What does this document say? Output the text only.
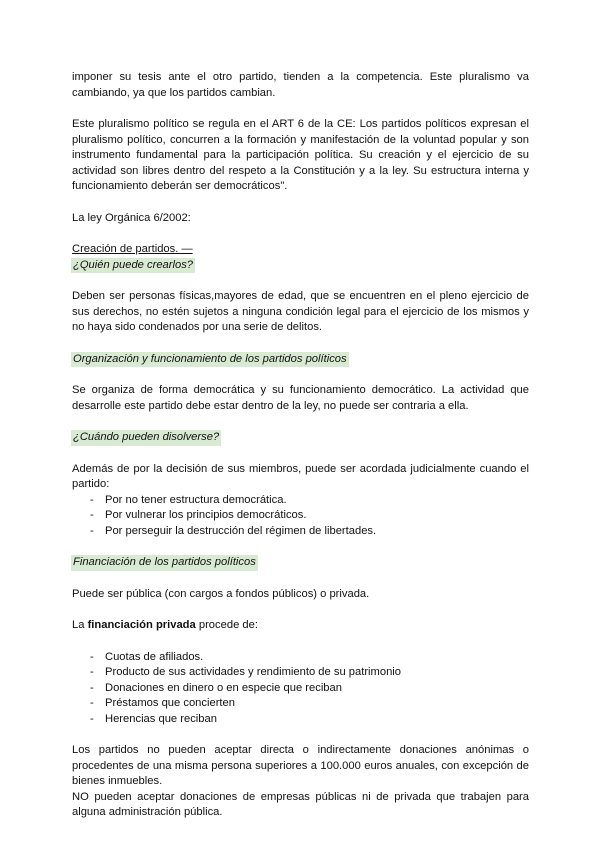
imponer su tesis ante el otro partido, tienden a la competencia. Este pluralismo va cambiando, ya que los partidos cambian.

Este pluralismo político se regula en el ART 6 de la CE: Los partidos políticos expresan el pluralismo político, concurren a la formación y manifestación de la voluntad popular y son instrumento fundamental para la participación política. Su creación y el ejercicio de su actividad son libres dentro del respeto a la Constitución y a la ley. Su estructura interna y funcionamiento deberán ser democráticos".

La ley Orgánica 6/2002:

Creación de partidos. —

¿Quién puede crearlos?

Deben ser personas físicas,mayores de edad, que se encuentren en el pleno ejercicio de sus derechos, no estén sujetos a ninguna condición legal para el ejercicio de los mismos y no haya sido condenados por una serie de delitos.

Organización y funcionamiento de los partidos políticos

Se organiza de forma democrática y su funcionamiento democrático. La actividad que desarrolle este partido debe estar dentro de la ley, no puede ser contraria a ella.

¿Cuándo pueden disolverse?

Además de por la decisión de sus miembros, puede ser acordada judicialmente cuando el partido:

- Por no tener estructura democrática.
- Por vulnerar los principios democráticos.
- Por perseguir la destrucción del régimen de libertades.

Financiación de los partidos políticos

Puede ser pública (con cargos a fondos públicos) o privada.

La financiación privada procede de:

- Cuotas de afiliados.
- Producto de sus actividades y rendimiento de su patrimonio
- Donaciones en dinero o en especie que reciban
- Préstamos que concierten
- Herencias que reciban

Los partidos no pueden aceptar directa o indirectamente donaciones anónimas o procedentes de una misma persona superiores a 100.000 euros anuales, con excepción de bienes inmuebles.

NO pueden aceptar donaciones de empresas públicas ni de privada que trabajen para alguna administración pública.
